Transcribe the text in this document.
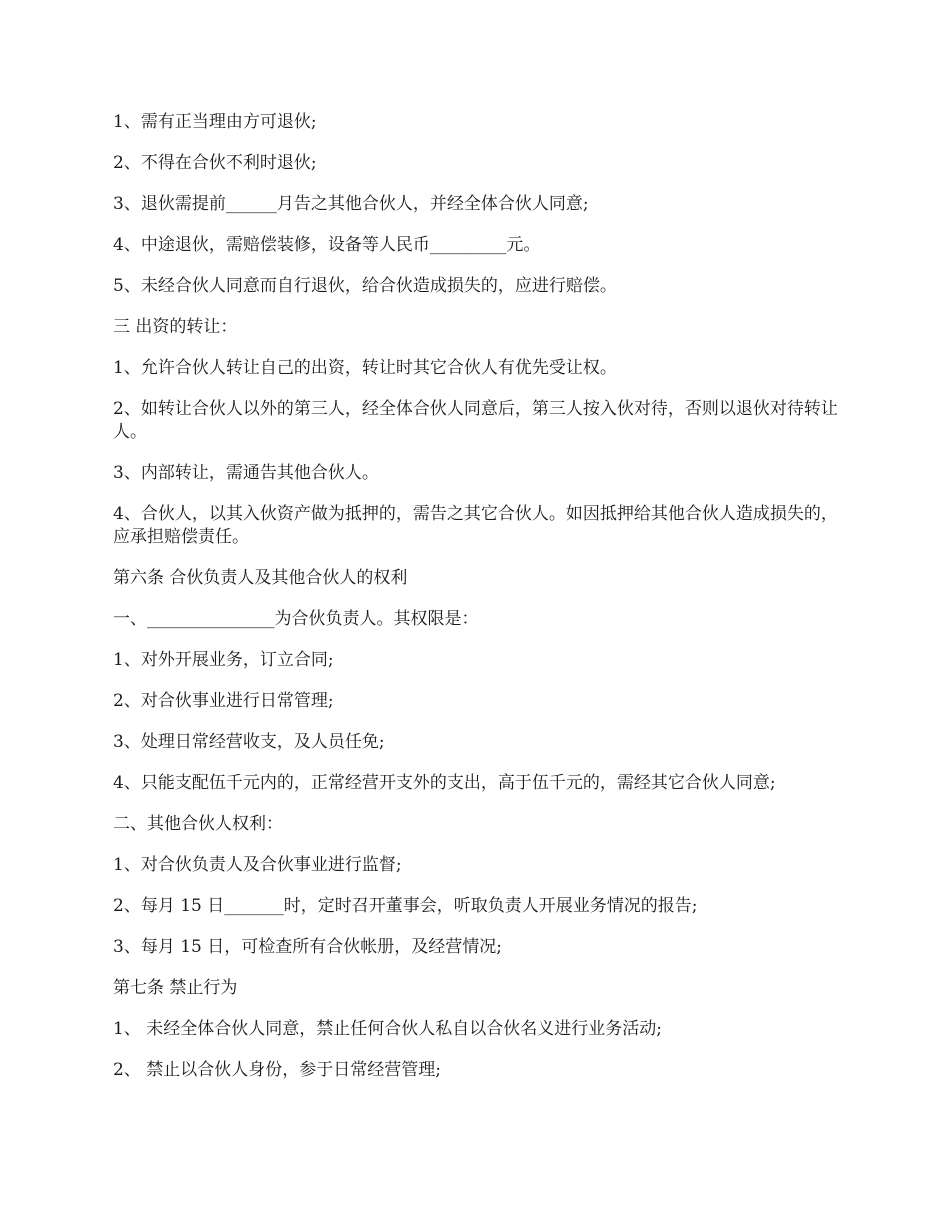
1、需有正当理由方可退伙;

2、不得在合伙不利时退伙;

3、退伙需提前______月告之其他合伙人，并经全体合伙人同意;

4、中途退伙，需赔偿装修，设备等人民币_________元。

5、未经合伙人同意而自行退伙，给合伙造成损失的，应进行赔偿。

三 出资的转让：

1、允许合伙人转让自己的出资，转让时其它合伙人有优先受让权。

2、如转让合伙人以外的第三人，经全体合伙人同意后，第三人按入伙对待，否则以退伙对待转让人。

3、内部转让，需通告其他合伙人。

4、合伙人，以其入伙资产做为抵押的，需告之其它合伙人。如因抵押给其他合伙人造成损失的，应承担赔偿责任。

第六条 合伙负责人及其他合伙人的权利

一、_______________为合伙负责人。其权限是：

1、对外开展业务，订立合同;

2、对合伙事业进行日常管理;

3、处理日常经营收支，及人员任免;

4、只能支配伍千元内的，正常经营开支外的支出，高于伍千元的，需经其它合伙人同意;

二、其他合伙人权利：

1、对合伙负责人及合伙事业进行监督;

2、每月 15 日_______时，定时召开董事会，听取负责人开展业务情况的报告;

3、每月 15 日，可检查所有合伙帐册，及经营情况;

第七条 禁止行为

1、 未经全体合伙人同意，禁止任何合伙人私自以合伙名义进行业务活动;

2、 禁止以合伙人身份，参于日常经营管理;
